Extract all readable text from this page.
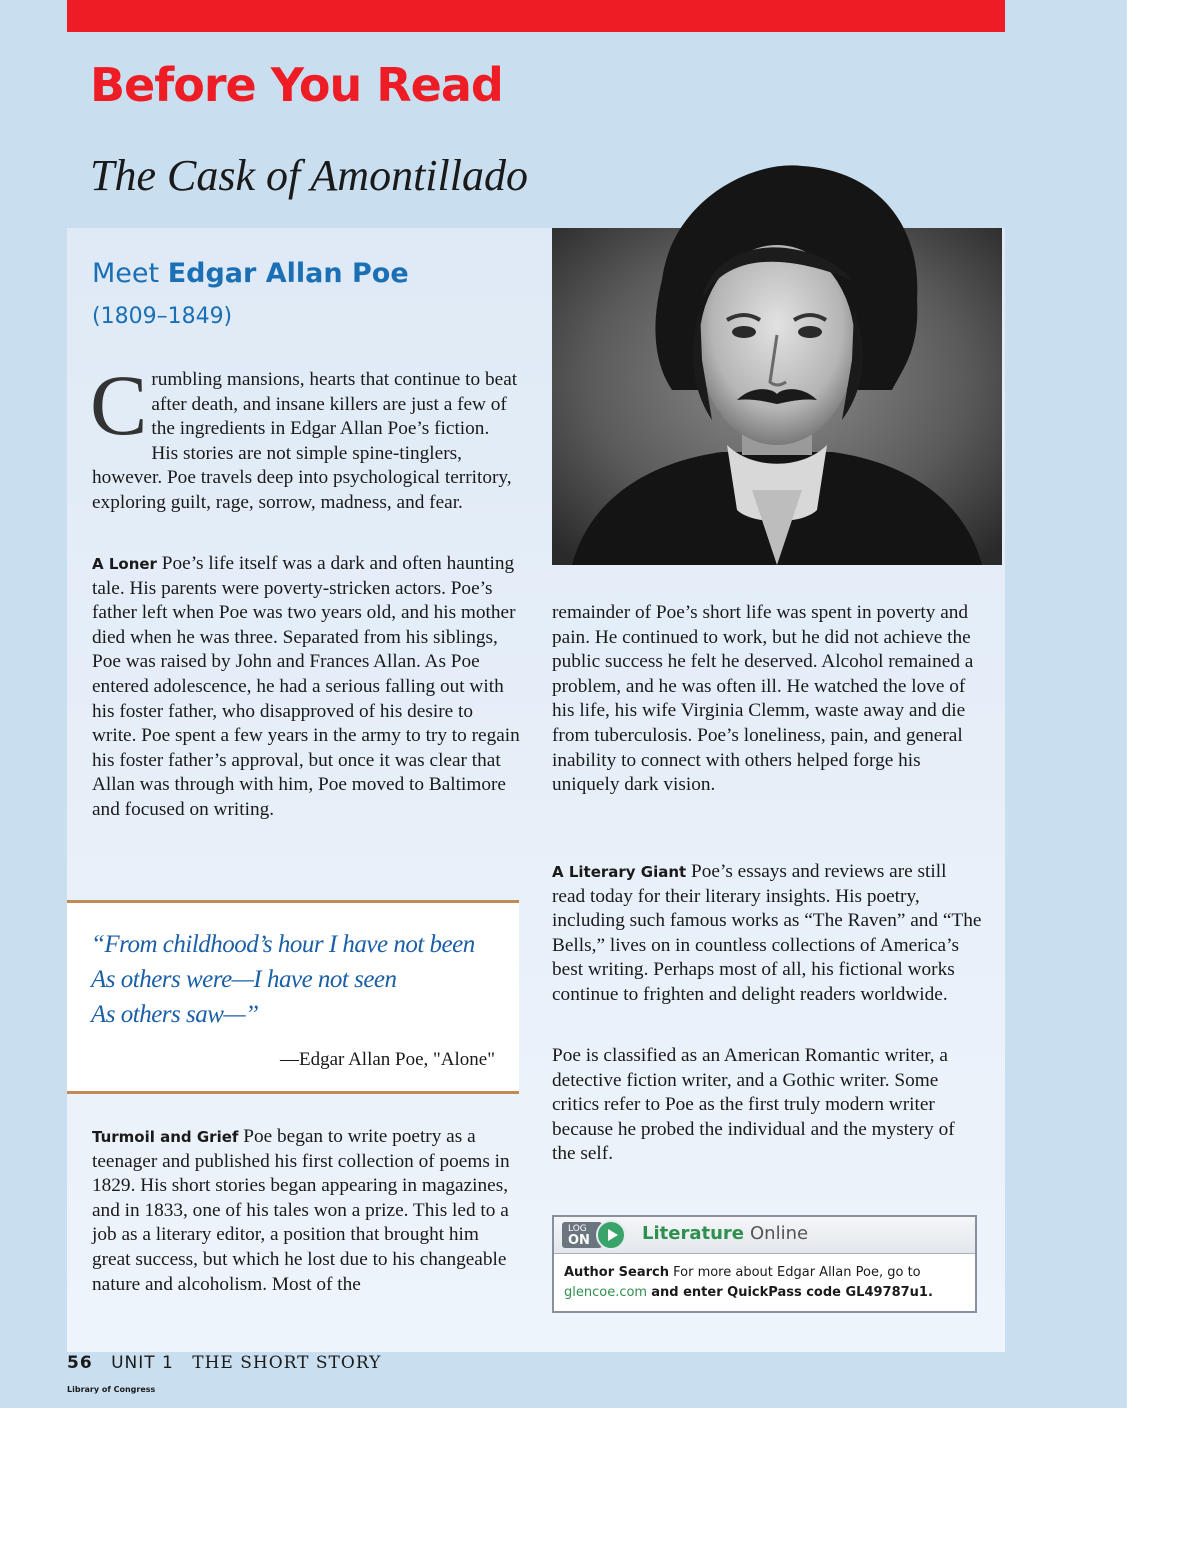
Before You Read
The Cask of Amontillado
Meet Edgar Allan Poe
(1809–1849)

Crumbling mansions, hearts that continue to beat after death, and insane killers are just a few of the ingredients in Edgar Allan Poe’s fiction. His stories are not simple spine-tinglers, however. Poe travels deep into psychological territory, exploring guilt, rage, sorrow, madness, and fear.

A Loner Poe’s life itself was a dark and often haunting tale. His parents were poverty-stricken actors. Poe’s father left when Poe was two years old, and his mother died when he was three. Separated from his siblings, Poe was raised by John and Frances Allan. As Poe entered adolescence, he had a serious falling out with his foster father, who disapproved of his desire to write. Poe spent a few years in the army to try to regain his foster father’s approval, but once it was clear that Allan was through with him, Poe moved to Baltimore and focused on writing.

“From childhood’s hour I have not been
As others were—I have not seen
As others saw—”
—Edgar Allan Poe, "Alone"

Turmoil and Grief Poe began to write poetry as a teenager and published his first collection of poems in 1829. His short stories began appearing in magazines, and in 1833, one of his tales won a prize. This led to a job as a literary editor, a position that brought him great success, but which he lost due to his changeable nature and alcoholism. Most of the

remainder of Poe’s short life was spent in poverty and pain. He continued to work, but he did not achieve the public success he felt he deserved. Alcohol remained a problem, and he was often ill. He watched the love of his life, his wife Virginia Clemm, waste away and die from tuberculosis. Poe’s loneliness, pain, and general inability to connect with others helped forge his uniquely dark vision.

A Literary Giant Poe’s essays and reviews are still read today for their literary insights. His poetry, including such famous works as “The Raven” and “The Bells,” lives on in countless collections of America’s best writing. Perhaps most of all, his fictional works continue to frighten and delight readers worldwide.

Poe is classified as an American Romantic writer, a detective fiction writer, and a Gothic writer. Some critics refer to Poe as the first truly modern writer because he probed the individual and the mystery of the self.

LOG
ON	Literature Online
Author Search For more about Edgar Allan Poe, go to glencoe.com and enter QuickPass code GL49787u1.
56 UNIT 1 THE SHORT STORY
Library of Congress
